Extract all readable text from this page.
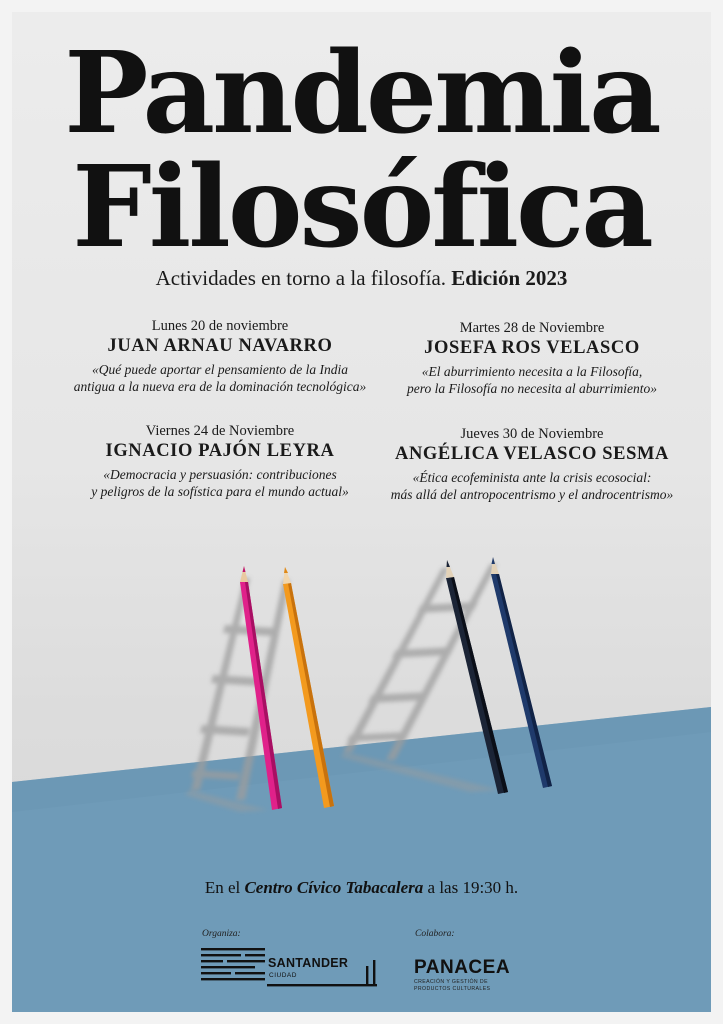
Pandemia
Filosófica
Actividades en torno a la filosofía. Edición 2023
Lunes 20 de noviembre
JUAN ARNAU NAVARRO
«Qué puede aportar el pensamiento de la India
antigua a la nueva era de la dominación tecnológica»
Martes 28 de Noviembre
JOSEFA ROS VELASCO
«El aburrimiento necesita a la Filosofía,
pero la Filosofía no necesita al aburrimiento»
Viernes 24 de Noviembre
IGNACIO PAJÓN LEYRA
«Democracia y persuasión: contribuciones
y peligros de la sofística para el mundo actual»
Jueves 30 de Noviembre
ANGÉLICA VELASCO SESMA
«Ética ecofeminista ante la crisis ecosocial:
más allá del antropocentrismo y el androcentrismo»
En el Centro Cívico Tabacalera a las 19:30 h.
Organiza:	Colabora:
SANTANDER
CIUDAD	PANACEA
CREACIÓN Y GESTIÓN DE PRODUCTOS CULTURALES
